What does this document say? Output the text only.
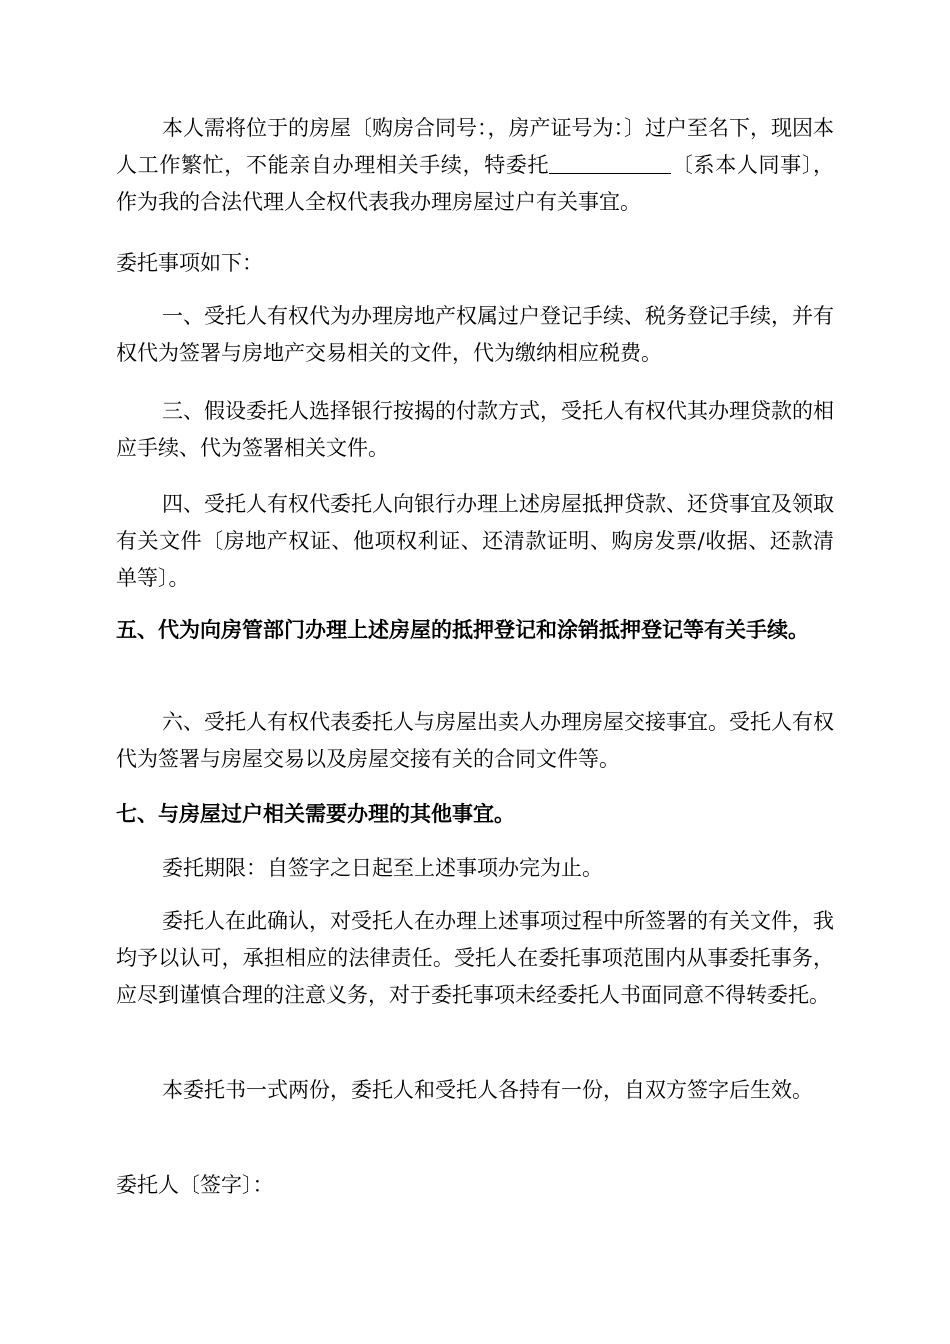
本人需将位于的房屋〔购房合同号：，房产证号为：〕过户至名下，现因本人工作繁忙，不能亲自办理相关手续，特委托	〔系本人同事〕，作为我的合法代理人全权代表我办理房屋过户有关事宜。

委托事项如下：

一、受托人有权代为办理房地产权属过户登记手续、税务登记手续，并有权代为签署与房地产交易相关的文件，代为缴纳相应税费。

三、假设委托人选择银行按揭的付款方式，受托人有权代其办理贷款的相应手续、代为签署相关文件。

四、受托人有权代委托人向银行办理上述房屋抵押贷款、还贷事宜及领取有关文件〔房地产权证、他项权利证、还清款证明、购房发票/收据、还款清单等〕。

五、代为向房管部门办理上述房屋的抵押登记和涂销抵押登记等有关手续。

六、受托人有权代表委托人与房屋出卖人办理房屋交接事宜。受托人有权代为签署与房屋交易以及房屋交接有关的合同文件等。

七、与房屋过户相关需要办理的其他事宜。

委托期限：自签字之日起至上述事项办完为止。

委托人在此确认，对受托人在办理上述事项过程中所签署的有关文件，我均予以认可，承担相应的法律责任。受托人在委托事项范围内从事委托事务，应尽到谨慎合理的注意义务，对于委托事项未经委托人书面同意不得转委托。

本委托书一式两份，委托人和受托人各持有一份，自双方签字后生效。

委托人〔签字〕：
